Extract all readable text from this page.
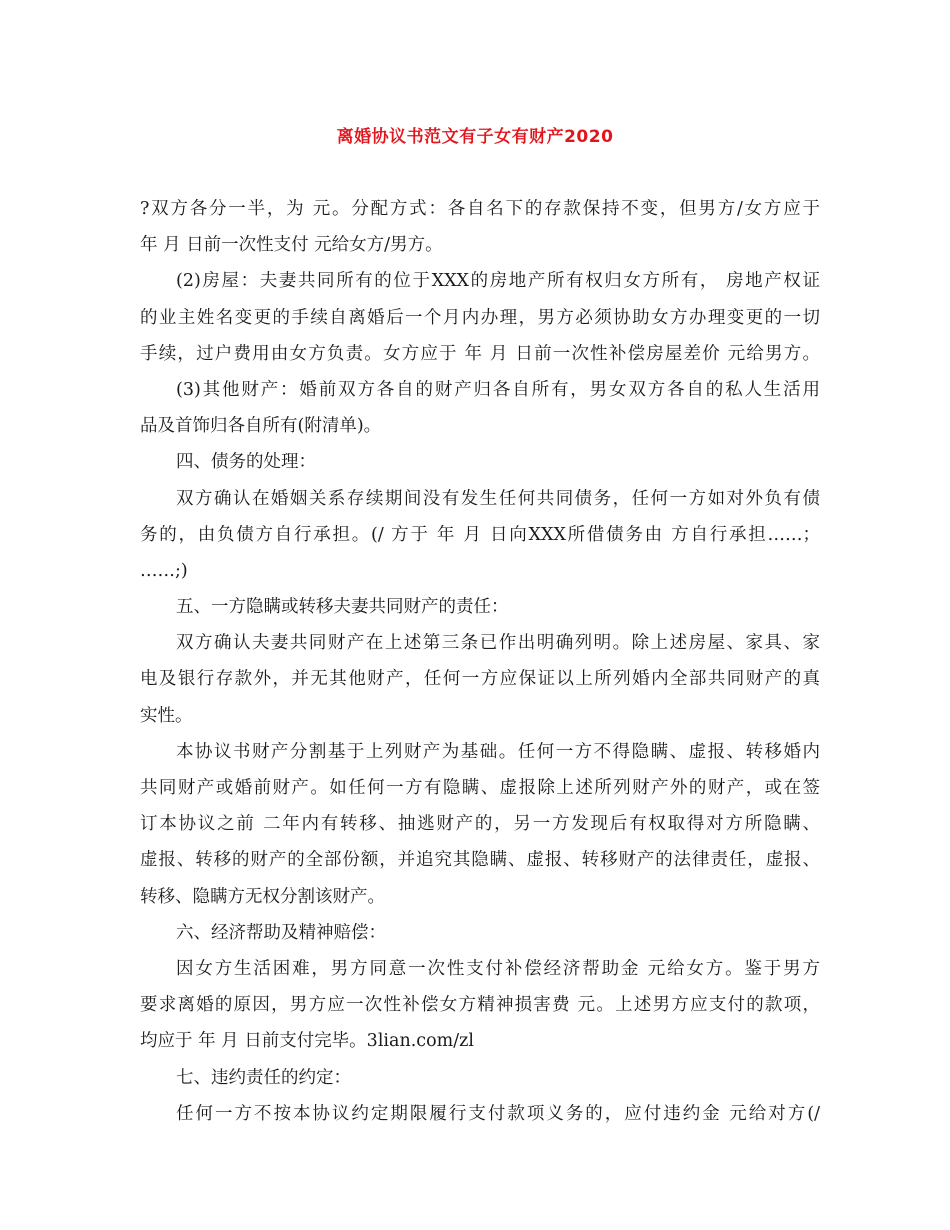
离婚协议书范文有子女有财产2020
?双方各分一半，为 元。分配方式：各自名下的存款保持不变，但男方/女方应于
年 月 日前一次性支付 元给女方/男方。
(2)房屋：夫妻共同所有的位于XXX的房地产所有权归女方所有， 房地产权证
的业主姓名变更的手续自离婚后一个月内办理，男方必须协助女方办理变更的一切
手续，过户费用由女方负责。女方应于 年 月 日前一次性补偿房屋差价 元给男方。
(3)其他财产：婚前双方各自的财产归各自所有，男女双方各自的私人生活用
品及首饰归各自所有(附清单)。
四、债务的处理：
双方确认在婚姻关系存续期间没有发生任何共同债务，任何一方如对外负有债
务的，由负债方自行承担。(/ 方于 年 月 日向XXX所借债务由 方自行承担……；
……;)
五、一方隐瞒或转移夫妻共同财产的责任：
双方确认夫妻共同财产在上述第三条已作出明确列明。除上述房屋、家具、家
电及银行存款外，并无其他财产，任何一方应保证以上所列婚内全部共同财产的真
实性。
本协议书财产分割基于上列财产为基础。任何一方不得隐瞒、虚报、转移婚内
共同财产或婚前财产。如任何一方有隐瞒、虚报除上述所列财产外的财产，或在签
订本协议之前 二年内有转移、抽逃财产的，另一方发现后有权取得对方所隐瞒、
虚报、转移的财产的全部份额，并追究其隐瞒、虚报、转移财产的法律责任，虚报、
转移、隐瞒方无权分割该财产。
六、经济帮助及精神赔偿：
因女方生活困难，男方同意一次性支付补偿经济帮助金 元给女方。鉴于男方
要求离婚的原因，男方应一次性补偿女方精神损害费 元。上述男方应支付的款项，
均应于 年 月 日前支付完毕。3lian.com/zl
七、违约责任的约定：
任何一方不按本协议约定期限履行支付款项义务的，应付违约金 元给对方(/
